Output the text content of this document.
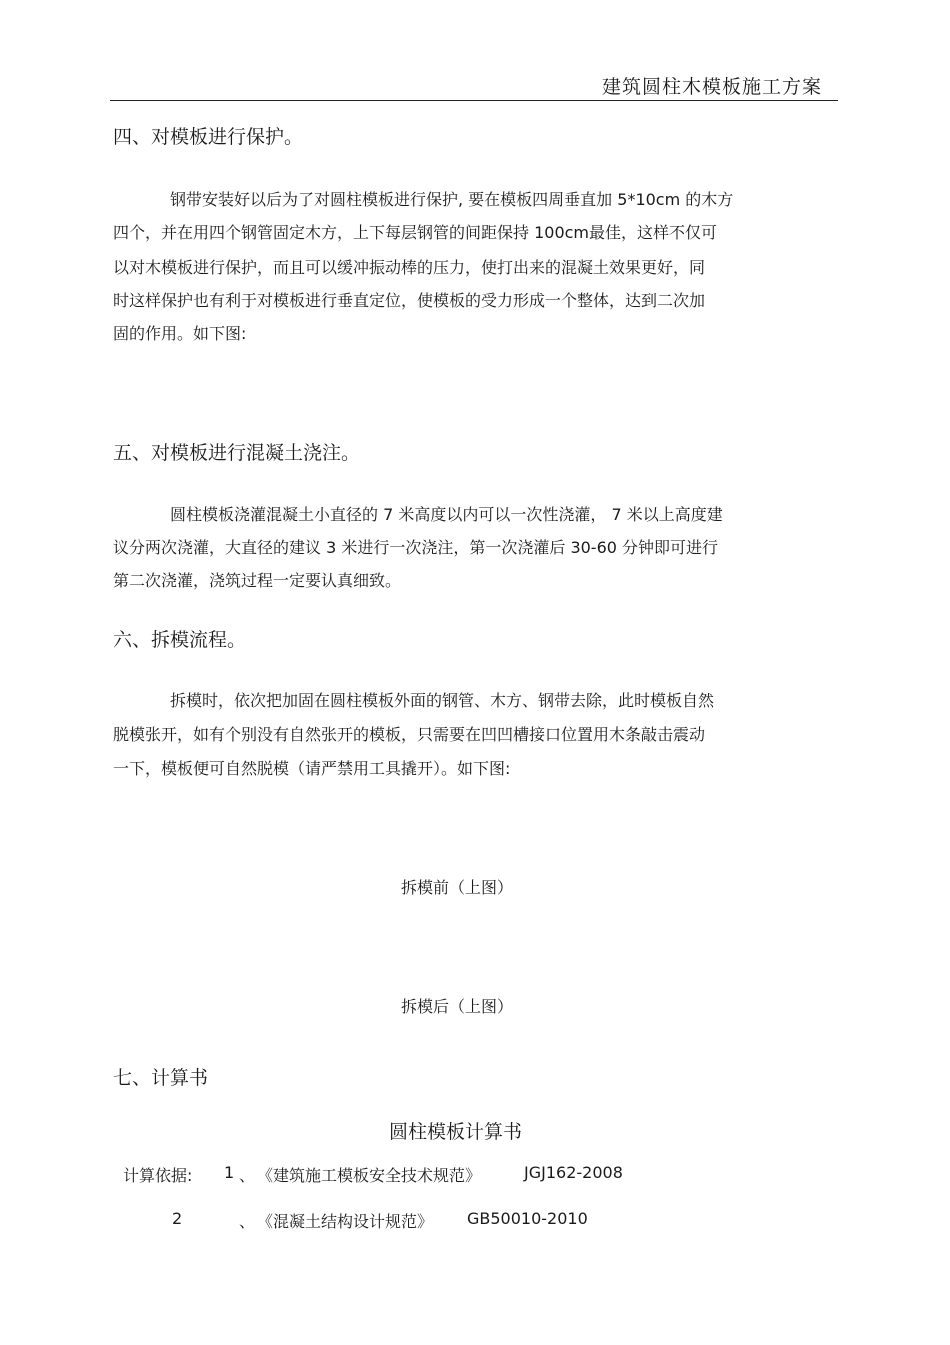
建筑圆柱木模板施工方案
四、对模板进行保护。
钢带安装好以后为了对圆柱模板进行保护, 要在模板四周垂直加 5*10cm 的木方
四个，并在用四个钢管固定木方，上下每层钢管的间距保持 100cm最佳，这样不仅可
以对木模板进行保护，而且可以缓冲振动棒的压力，使打出来的混凝土效果更好，同
时这样保护也有利于对模板进行垂直定位，使模板的受力形成一个整体，达到二次加
固的作用。如下图:
五、对模板进行混凝土浇注。
圆柱模板浇灌混凝土小直径的 7 米高度以内可以一次性浇灌， 7 米以上高度建
议分两次浇灌，大直径的建议 3 米进行一次浇注，第一次浇灌后 30-60 分钟即可进行
第二次浇灌，浇筑过程一定要认真细致。
六、拆模流程。
拆模时，依次把加固在圆柱模板外面的钢管、木方、钢带去除，此时模板自然
脱模张开，如有个别没有自然张开的模板，只需要在凹凹槽接口位置用木条敲击震动
一下，模板便可自然脱模（请严禁用工具撬开）。如下图:
拆模前（上图）
拆模后（上图）
七、计算书
圆柱模板计算书
计算依据: 1 、 《建筑施工模板安全技术规范》	JGJ162-2008
2	、 《混凝土结构设计规范》 GB50010-2010
